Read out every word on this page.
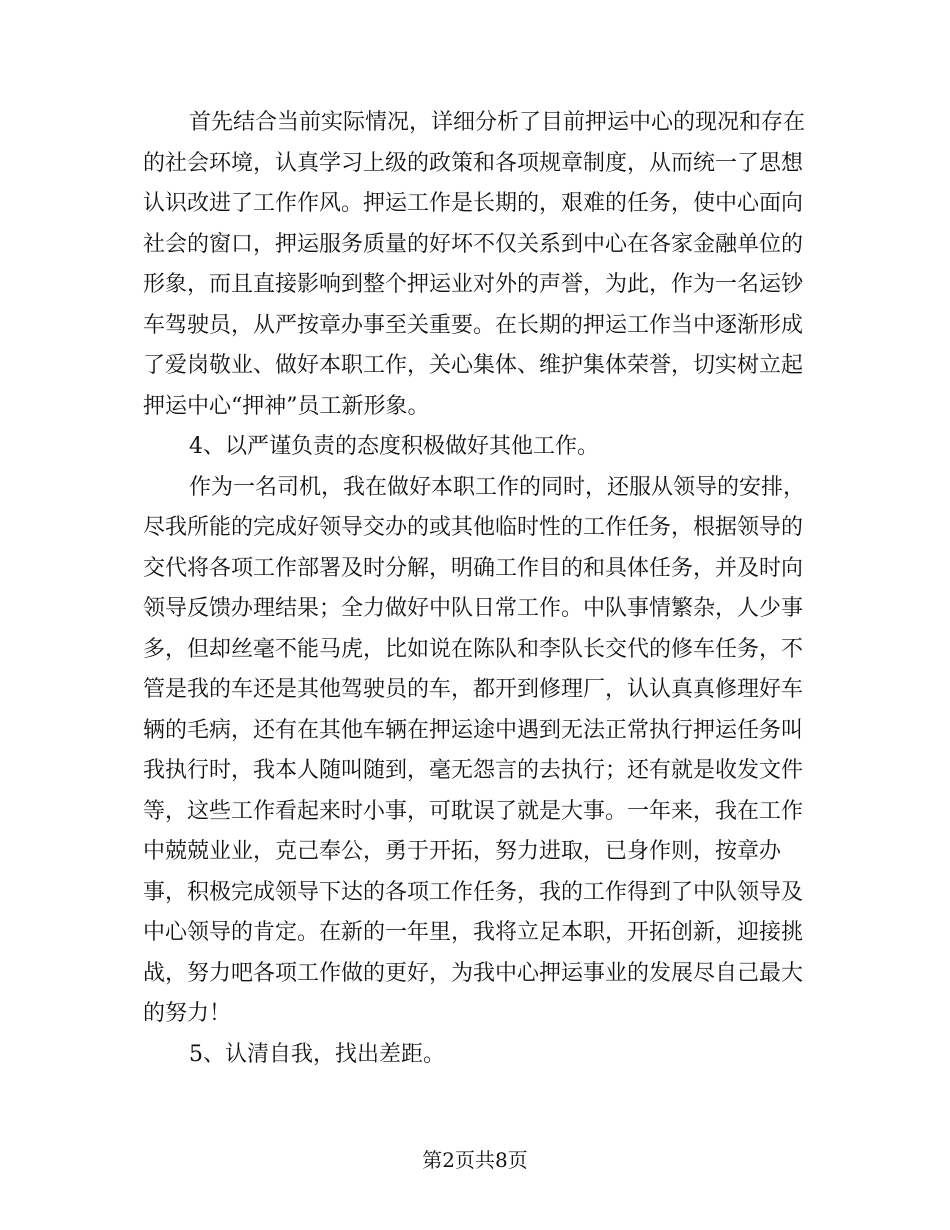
首先结合当前实际情况，详细分析了目前押运中心的现况和存在
的社会环境，认真学习上级的政策和各项规章制度，从而统一了思想
认识改进了工作作风。押运工作是长期的，艰难的任务，使中心面向
社会的窗口，押运服务质量的好坏不仅关系到中心在各家金融单位的
形象，而且直接影响到整个押运业对外的声誉，为此，作为一名运钞
车驾驶员，从严按章办事至关重要。在长期的押运工作当中逐渐形成
了爱岗敬业、做好本职工作，关心集体、维护集体荣誉，切实树立起
押运中心“押神”员工新形象。
4、以严谨负责的态度积极做好其他工作。
作为一名司机，我在做好本职工作的同时，还服从领导的安排，
尽我所能的完成好领导交办的或其他临时性的工作任务，根据领导的
交代将各项工作部署及时分解，明确工作目的和具体任务，并及时向
领导反馈办理结果；全力做好中队日常工作。中队事情繁杂，人少事
多，但却丝毫不能马虎，比如说在陈队和李队长交代的修车任务，不
管是我的车还是其他驾驶员的车，都开到修理厂，认认真真修理好车
辆的毛病，还有在其他车辆在押运途中遇到无法正常执行押运任务叫
我执行时，我本人随叫随到，毫无怨言的去执行；还有就是收发文件
等，这些工作看起来时小事，可耽误了就是大事。一年来，我在工作
中兢兢业业，克己奉公，勇于开拓，努力进取，已身作则，按章办
事，积极完成领导下达的各项工作任务，我的工作得到了中队领导及
中心领导的肯定。在新的一年里，我将立足本职，开拓创新，迎接挑
战，努力吧各项工作做的更好，为我中心押运事业的发展尽自己最大
的努力！
5、认清自我，找出差距。
第2页共8页
